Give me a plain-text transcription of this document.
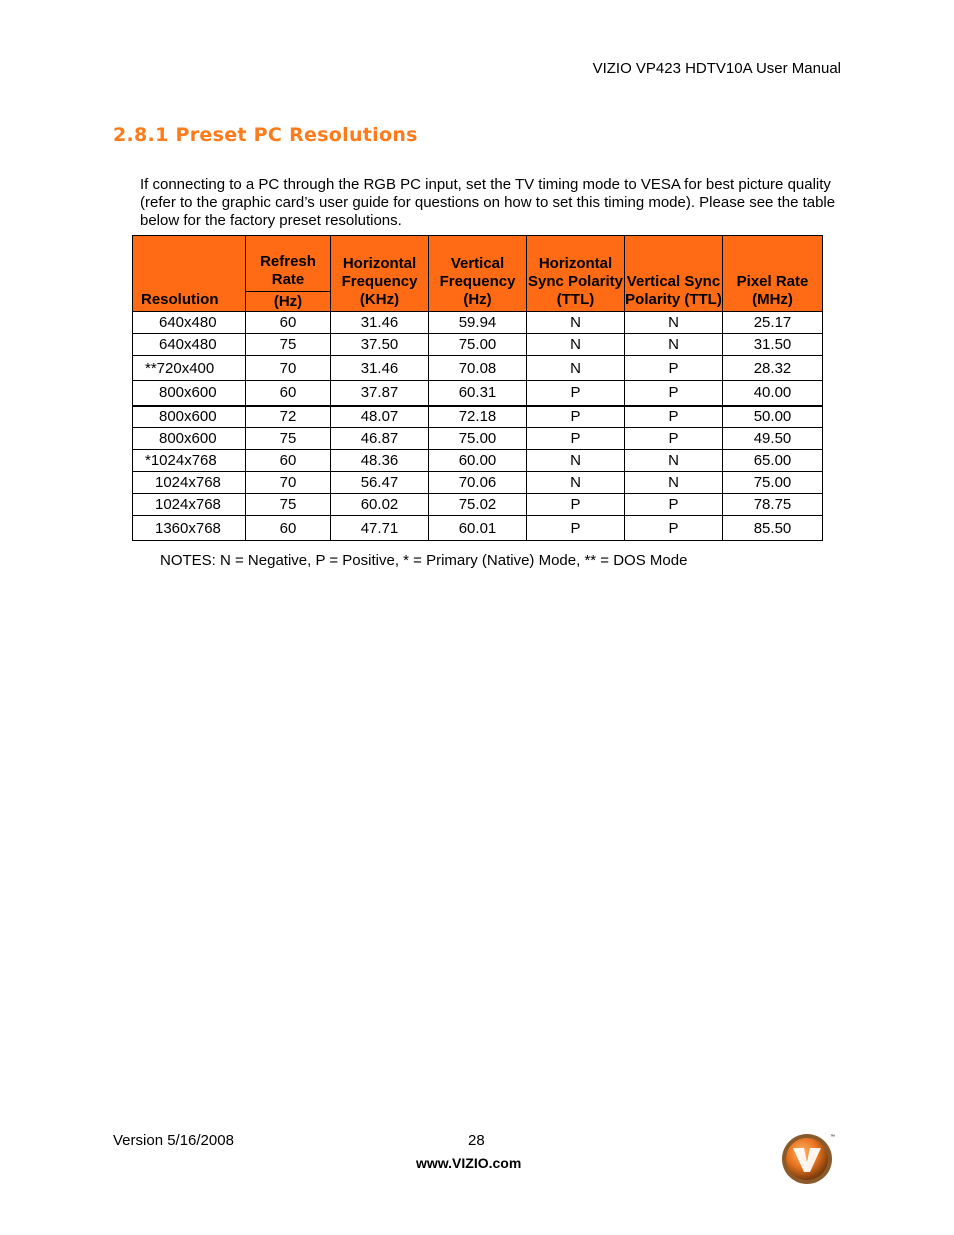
VIZIO VP423 HDTV10A User Manual
2.8.1 Preset PC Resolutions

If connecting to a PC through the RGB PC input, set the TV timing mode to VESA for best picture quality (refer to the graphic card’s user guide for questions on how to set this timing mode). Please see the table below for the factory preset resolutions.

Resolution	Refresh Rate	Horizontal Frequency (KHz)	Vertical Frequency (Hz)	Horizontal Sync Polarity (TTL)	Vertical Sync Polarity (TTL)	Pixel Rate (MHz)
	(Hz)					
640x480	60	31.46	59.94	N	N	25.17
640x480	75	37.50	75.00	N	N	31.50
**720x400	70	31.46	70.08	N	P	28.32
800x600	60	37.87	60.31	P	P	40.00
800x600	72	48.07	72.18	P	P	50.00
800x600	75	46.87	75.00	P	P	49.50
*1024x768	60	48.36	60.00	N	N	65.00
1024x768	70	56.47	70.06	N	N	75.00
1024x768	75	60.02	75.02	P	P	78.75
1360x768	60	47.71	60.01	P	P	85.50
NOTES: N = Negative, P = Positive, * = Primary (Native) Mode, ** = DOS Mode
Version 5/16/2008	28
www.VIZIO.com
™
